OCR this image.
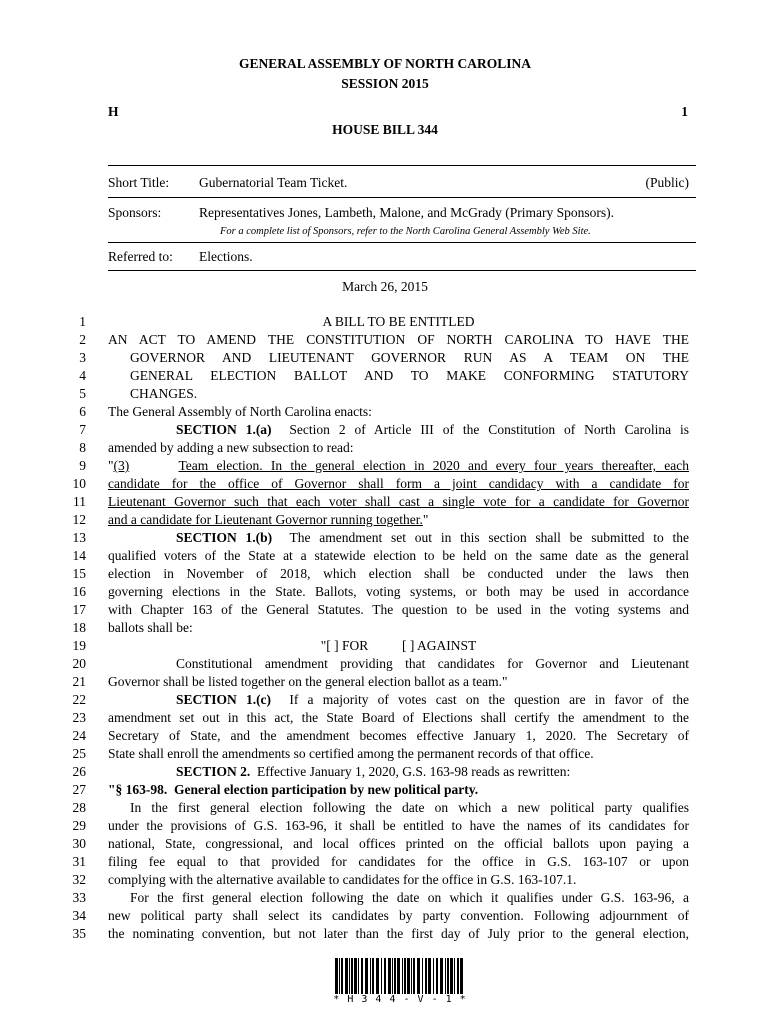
GENERAL ASSEMBLY OF NORTH CAROLINA
SESSION 2015
H	1
HOUSE BILL 344
Short Title: Gubernatorial Team Ticket.	(Public)
Sponsors:	Representatives Jones, Lambeth, Malone, and McGrady (Primary Sponsors).
For a complete list of Sponsors, refer to the North Carolina General Assembly Web Site.
Referred to: Elections.
March 26, 2015
1	A BILL TO BE ENTITLED
2 AN ACT TO AMEND THE CONSTITUTION OF NORTH CAROLINA TO HAVE THE
3	GOVERNOR AND LIEUTENANT GOVERNOR RUN AS A TEAM ON THE
4	GENERAL ELECTION BALLOT AND TO MAKE CONFORMING STATUTORY
5	CHANGES.
6 The General Assembly of North Carolina enacts:
7	SECTION 1.(a)  Section 2 of Article III of the Constitution of North Carolina is
8 amended by adding a new subsection to read:
9 "(3)	Team election. In the general election in 2020 and every four years thereafter, each
10 candidate for the office of Governor shall form a joint candidacy with a candidate for
11 Lieutenant Governor such that each voter shall cast a single vote for a candidate for Governor
12 and a candidate for Lieutenant Governor running together."
13	SECTION 1.(b)  The amendment set out in this section shall be submitted to the
14 qualified voters of the State at a statewide election to be held on the same date as the general
15 election in November of 2018, which election shall be conducted under the laws then
16 governing elections in the State. Ballots, voting systems, or both may be used in accordance
17 with Chapter 163 of the General Statutes. The question to be used in the voting systems and
18 ballots shall be:
19	"[ ] FOR          [ ] AGAINST
20	Constitutional amendment providing that candidates for Governor and Lieutenant
21 Governor shall be listed together on the general election ballot as a team."
22	SECTION 1.(c)  If a majority of votes cast on the question are in favor of the
23 amendment set out in this act, the State Board of Elections shall certify the amendment to the
24 Secretary of State, and the amendment becomes effective January 1, 2020. The Secretary of
25 State shall enroll the amendments so certified among the permanent records of that office.
26	SECTION 2.  Effective January 1, 2020, G.S. 163-98 reads as rewritten:
27 "§ 163-98.  General election participation by new political party.
28	In the first general election following the date on which a new political party qualifies
29 under the provisions of G.S. 163-96, it shall be entitled to have the names of its candidates for
30 national, State, congressional, and local offices printed on the official ballots upon paying a
31 filing fee equal to that provided for candidates for the office in G.S. 163-107 or upon
32 complying with the alternative available to candidates for the office in G.S. 163-107.1.
33	For the first general election following the date on which it qualifies under G.S. 163-96, a
34 new political party shall select its candidates by party convention. Following adjournment of
35 the nominating convention, but not later than the first day of July prior to the general election,
* H 3 4 4 - V - 1 *
